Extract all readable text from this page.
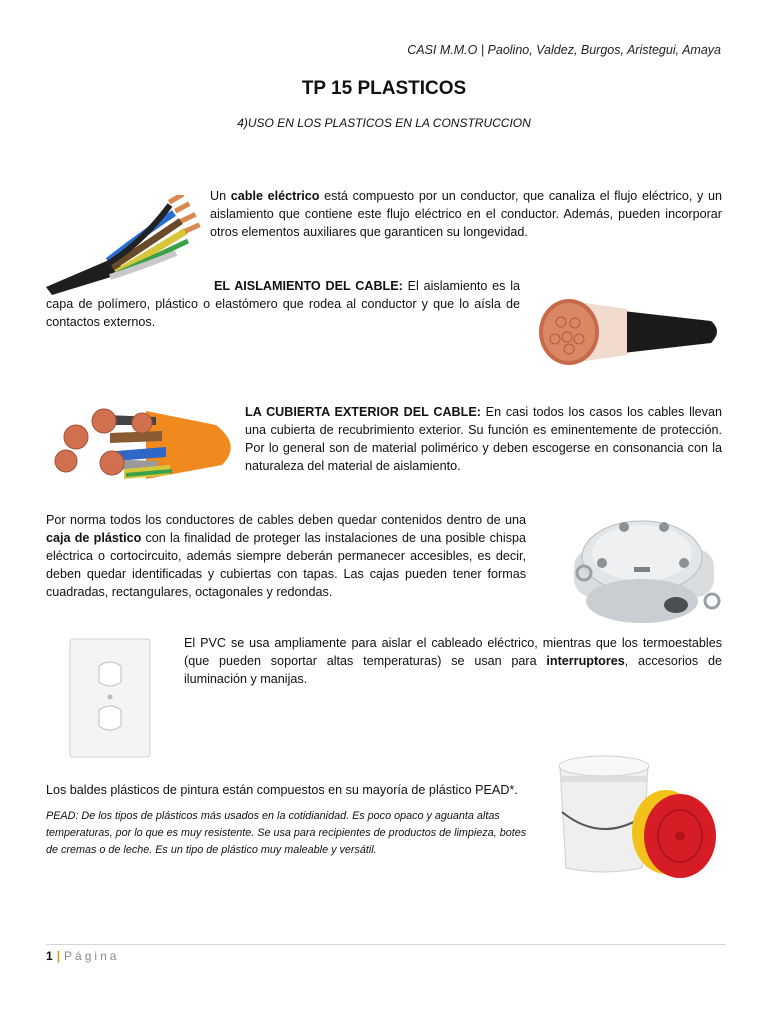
CASI M.M.O | Paolino, Valdez, Burgos, Aristegui, Amaya
TP 15 PLASTICOS
4)USO EN LOS PLASTICOS EN LA CONSTRUCCION

Un cable eléctrico está compuesto por un conductor, que canaliza el flujo eléctrico, y un aislamiento que contiene este flujo eléctrico en el conductor. Además, pueden incorporar otros elementos auxiliares que garanticen su longevidad.

EL AISLAMIENTO DEL CABLE: El aislamiento es la capa de polímero, plástico o elastómero que rodea al conductor y que lo aísla de contactos externos.

LA CUBIERTA EXTERIOR DEL CABLE: En casi todos los casos los cables llevan una cubierta de recubrimiento exterior. Su función es eminentemente de protección. Por lo general son de material polimérico y deben escogerse en consonancia con la naturaleza del material de aislamiento.

Por norma todos los conductores de cables deben quedar contenidos dentro de una caja de plástico con la finalidad de proteger las instalaciones de una posible chispa eléctrica o cortocircuito, además siempre deberán permanecer accesibles, es decir, deben quedar identificadas y cubiertas con tapas. Las cajas pueden tener formas cuadradas, rectangulares, octagonales y redondas.

El PVC se usa ampliamente para aislar el cableado eléctrico, mientras que los termoestables (que pueden soportar altas temperaturas) se usan para interruptores, accesorios de iluminación y manijas.

Los baldes plásticos de pintura están compuestos en su mayoría de plástico PEAD*.

PEAD: De los tipos de plásticos más usados en la cotidianidad. Es poco opaco y aguanta altas temperaturas, por lo que es muy resistente. Se usa para recipientes de productos de limpieza, botes de cremas o de leche. Es un tipo de plástico muy maleable y versátil.

1 | Página
